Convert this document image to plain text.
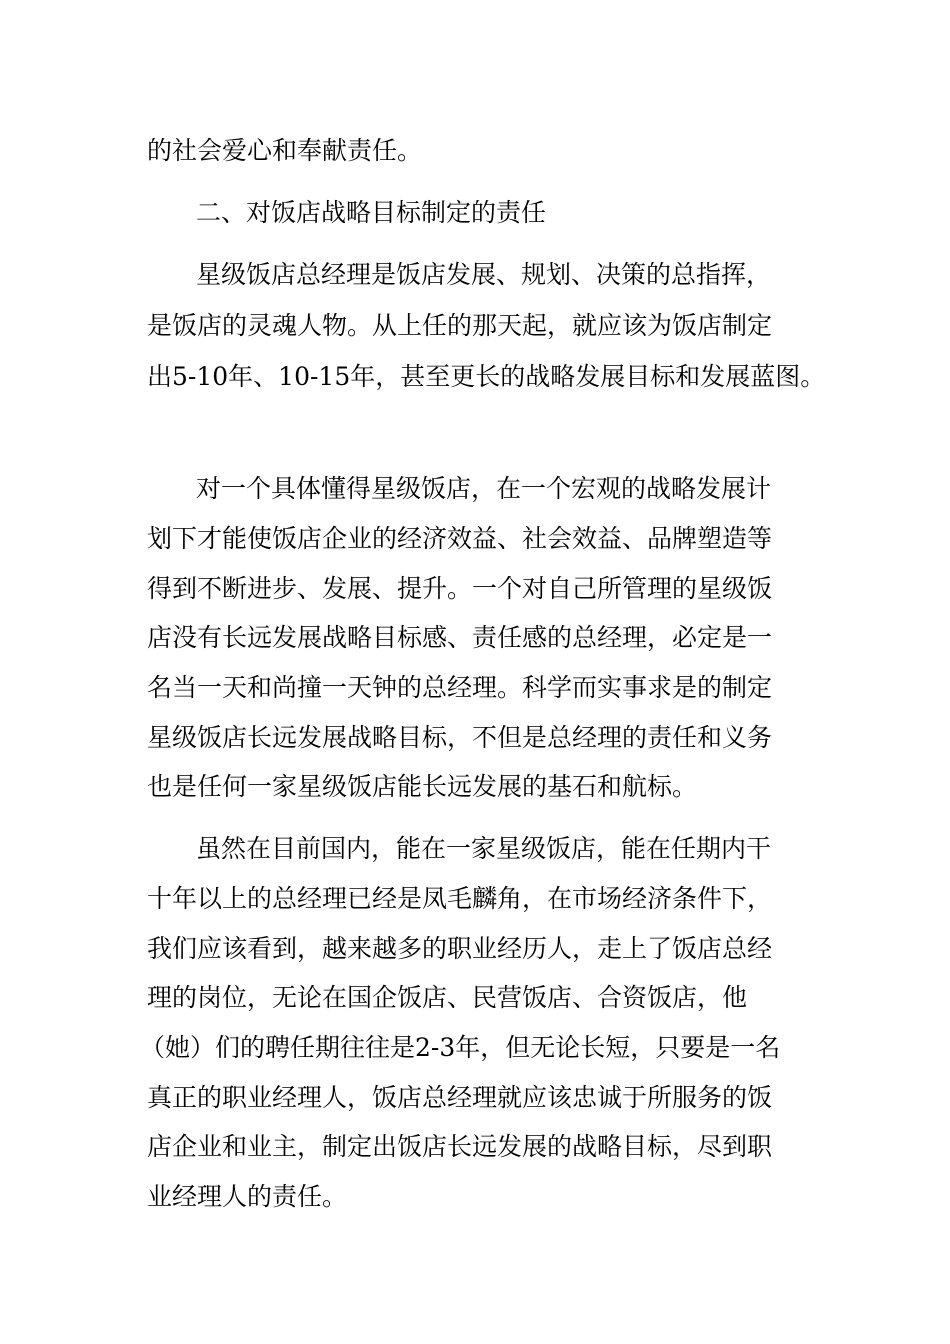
的社会爱心和奉献责任。
二、对饭店战略目标制定的责任
星级饭店总经理是饭店发展、规划、决策的总指挥，
是饭店的灵魂人物。从上任的那天起，就应该为饭店制定
出5-10年、10-15年，甚至更长的战略发展目标和发展蓝图。
对一个具体懂得星级饭店，在一个宏观的战略发展计
划下才能使饭店企业的经济效益、社会效益、品牌塑造等
得到不断进步、发展、提升。一个对自己所管理的星级饭
店没有长远发展战略目标感、责任感的总经理，必定是一
名当一天和尚撞一天钟的总经理。科学而实事求是的制定
星级饭店长远发展战略目标，不但是总经理的责任和义务
也是任何一家星级饭店能长远发展的基石和航标。
虽然在目前国内，能在一家星级饭店，能在任期内干
十年以上的总经理已经是凤毛麟角，在市场经济条件下，
我们应该看到，越来越多的职业经历人，走上了饭店总经
理的岗位，无论在国企饭店、民营饭店、合资饭店，他
（她）们的聘任期往往是2-3年，但无论长短，只要是一名
真正的职业经理人，饭店总经理就应该忠诚于所服务的饭
店企业和业主，制定出饭店长远发展的战略目标，尽到职
业经理人的责任。
